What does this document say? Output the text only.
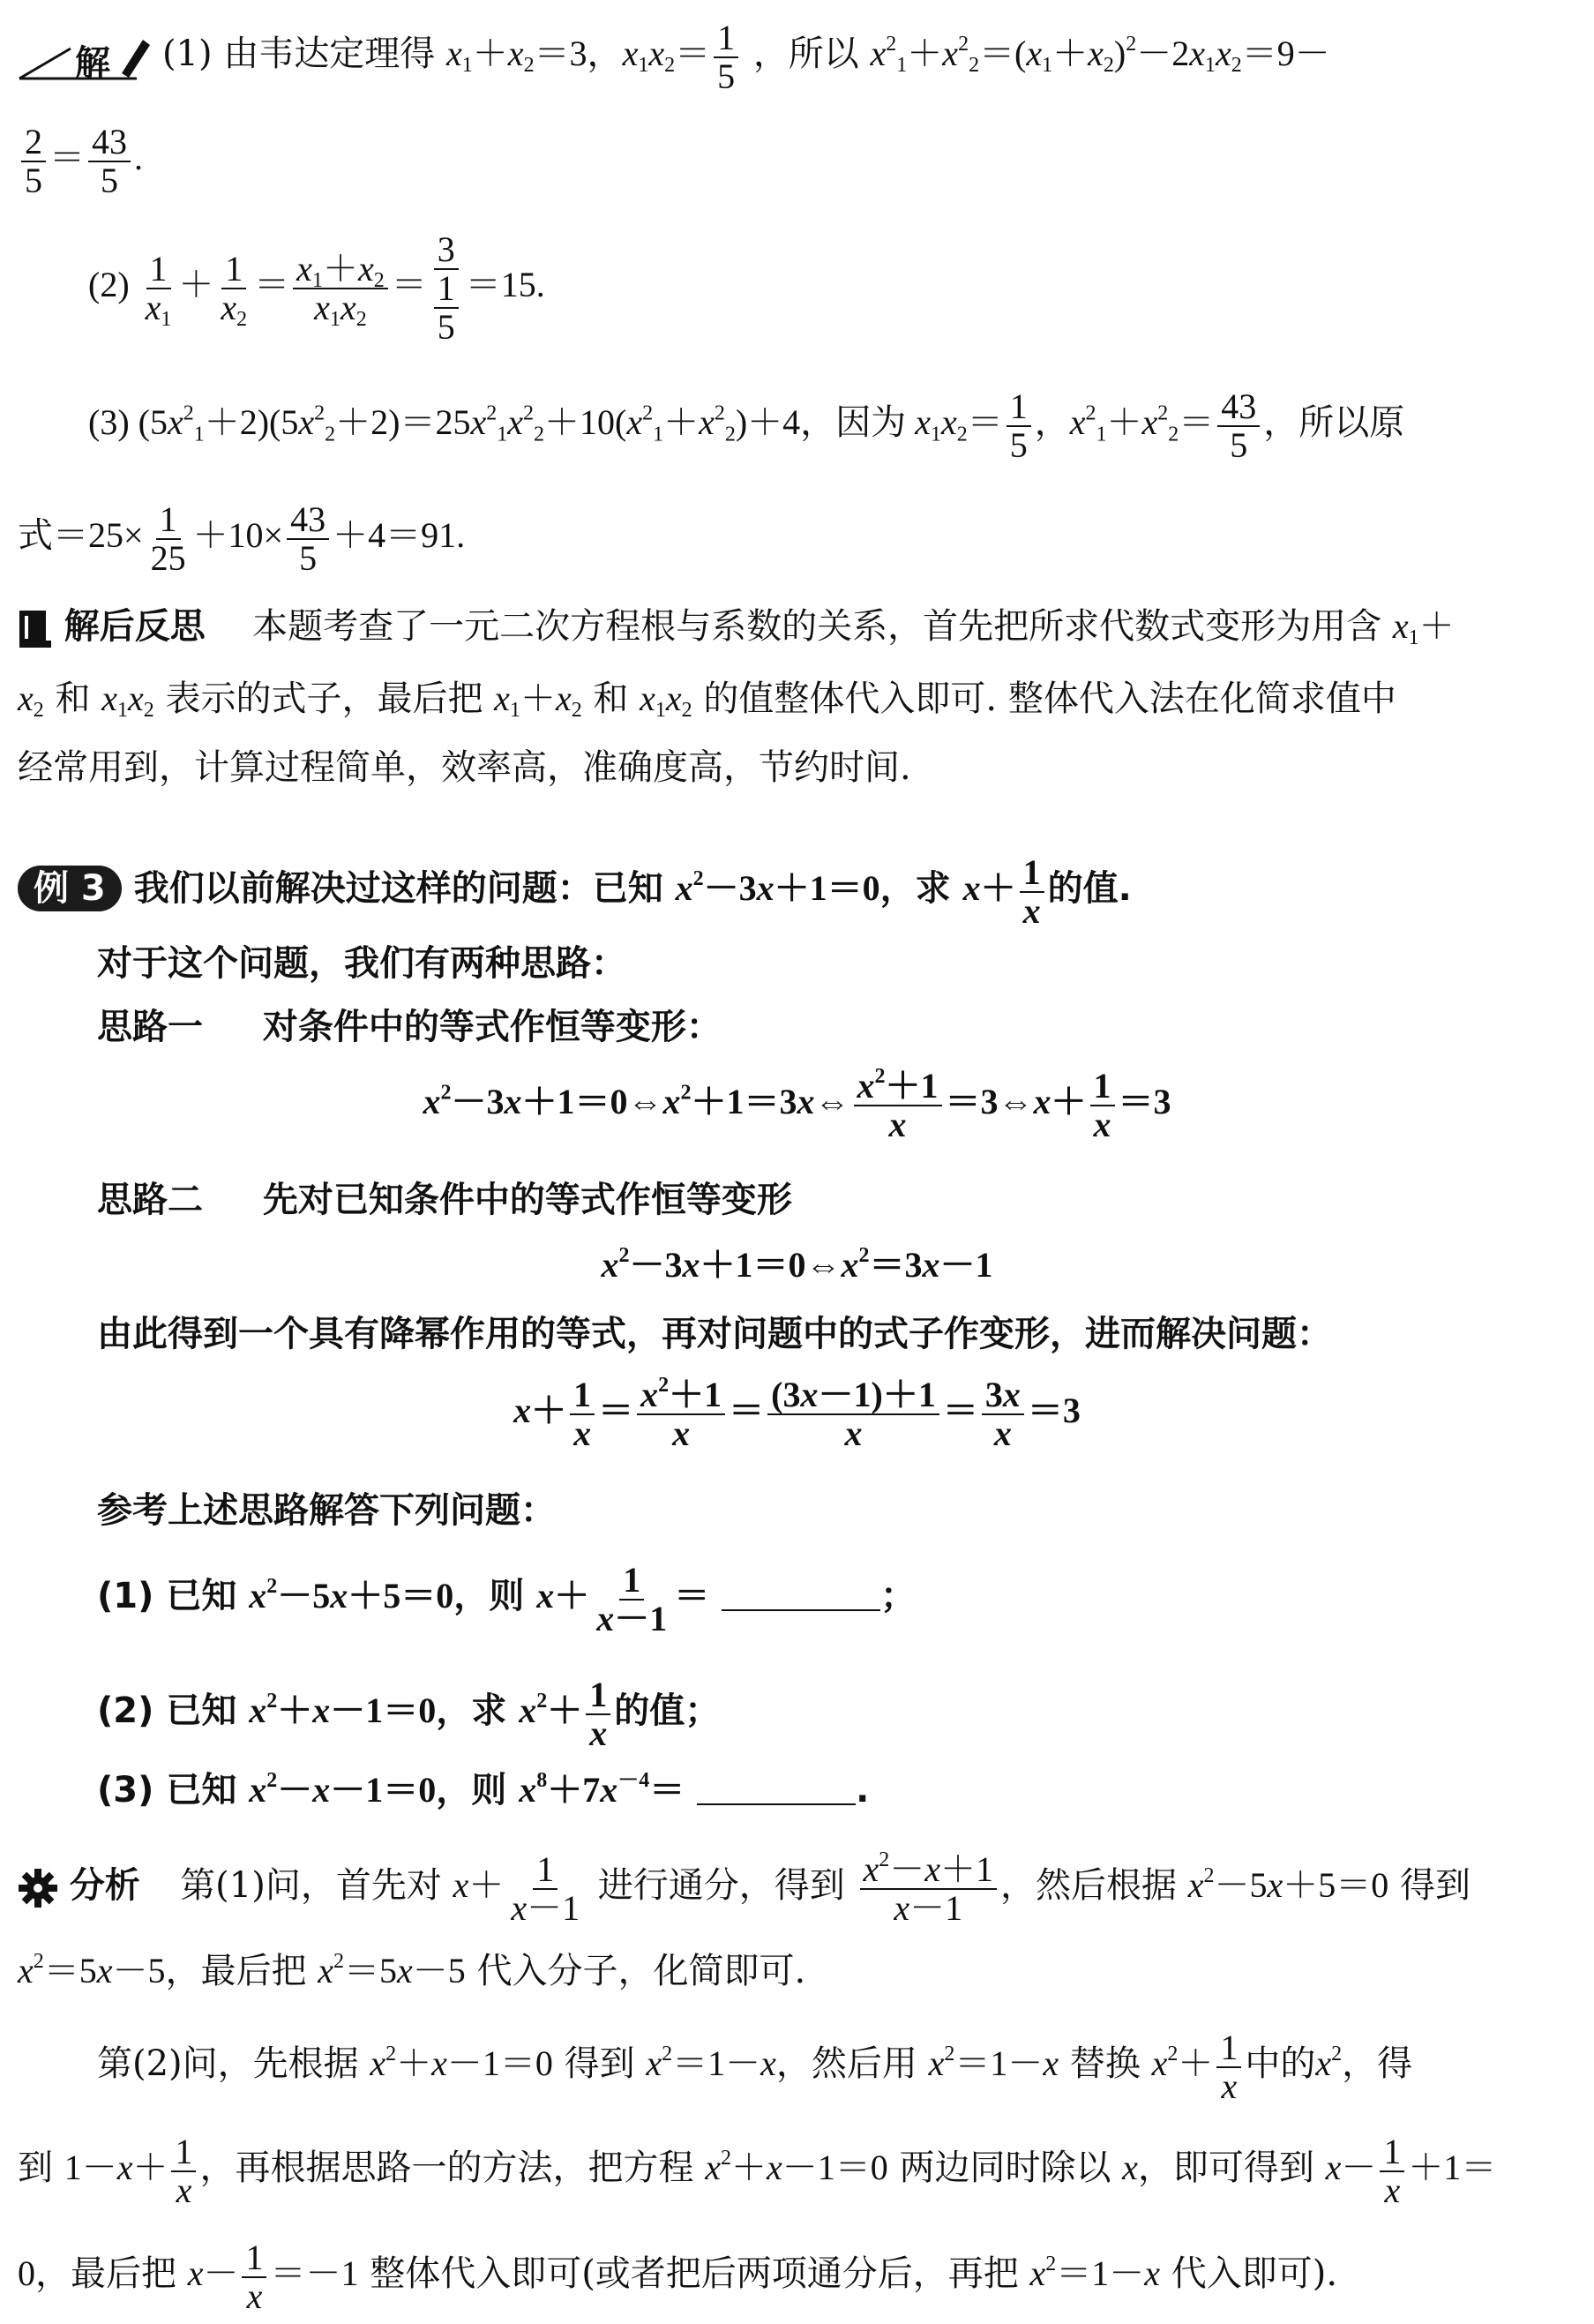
解 (1) 由韦达定理得 $x_1+x_2=3$，$x_1x_2= \frac{1}{5}$ ，所以 $x^2_1+x^2_2=(x_1+x_2)^2-2x_1x_2=9-$
$\frac{2}{5} = \frac{43}{5}$ .
$(2) \frac{1}{x_1} + \frac{1}{x_2} = \frac{x_1+x_2}{x_1x_2} = \frac{3}{\frac{1}{5}} =15$.
(3) $(5x^2_1+2)(5x^2_2+2)=25x^2_1x^2_2+10(x^2_1+x^2_2)+4$，因为 $x_1x_2= \frac{1}{5}$ ，$x^2_1+x^2_2= \frac{43}{5}$ ，所以原
式$=25\times \frac{1}{25} +10\times \frac{43}{5} +4=91$.
解后反思 本题考查了一元二次方程根与系数的关系，首先把所求代数式变形为用含 $x_1+$
$x_2$ 和 $x_1x_2$ 表示的式子，最后把 $x_1+x_2$ 和 $x_1x_2$ 的值整体代入即可. 整体代入法在化简求值中
经常用到，计算过程简单，效率高，准确度高，节约时间.
例 3 我们以前解决过这样的问题：已知 $x^2-3x+1=0$，求 $x+ \frac{1}{x}$ 的值.
对于这个问题，我们有两种思路：
思路一 对条件中的等式作恒等变形：
$x^2-3x+1=0\Leftrightarrow x^2+1=3x\Leftrightarrow \frac{x^2+1}{x}$ ＝3⇔x＋ $\frac{1}{x} =3$
思路二 先对已知条件中的等式作恒等变形
$x^2-3x+1=0\Leftrightarrow x^2=3x-1$
由此得到一个具有降幂作用的等式，再对问题中的式子作变形，进而解决问题：
$x+ \frac{1}{x} = \frac{x^2+1}{x} = \frac{(3x-1)+1}{x} = \frac{3x}{x} =3$
参考上述思路解答下列问题：
(1) 已知 $x^2-5x+5=0$，则 $x+ \frac{1}{x-1}$ ＝	；
(2) 已知 $x^2+x-1=0$，求 $x^2+ \frac{1}{x}$ 的值；
(3) 已知 $x^2-x-1=0$，则 $x^8+7x^{-4}=$	.
分析 第(1)问，首先对 $x+ \frac{1}{x-1}$ 进行通分，得到 $\frac{x^2-x+1}{x-1}$ ，然后根据 $x^2-5x+5=0$ 得到
$x^2=5x-5$，最后把 $x^2=5x-5$ 代入分子，化简即可.
第(2)问，先根据 $x^2+x-1=0$ 得到 $x^2=1-x$，然后用 $x^2=1-x$ 替换 $x^2+ \frac{1}{x}$ 中的$x^2$，得
到 $1-x+ \frac{1}{x}$ ，再根据思路一的方法，把方程 $x^2+x-1=0$ 两边同时除以 x，即可得到 $x- \frac{1}{x} +1=$
0，最后把 $x- \frac{1}{x} =-1$ 整体代入即可(或者把后两项通分后，再把 $x^2=1-x$ 代入即可).
